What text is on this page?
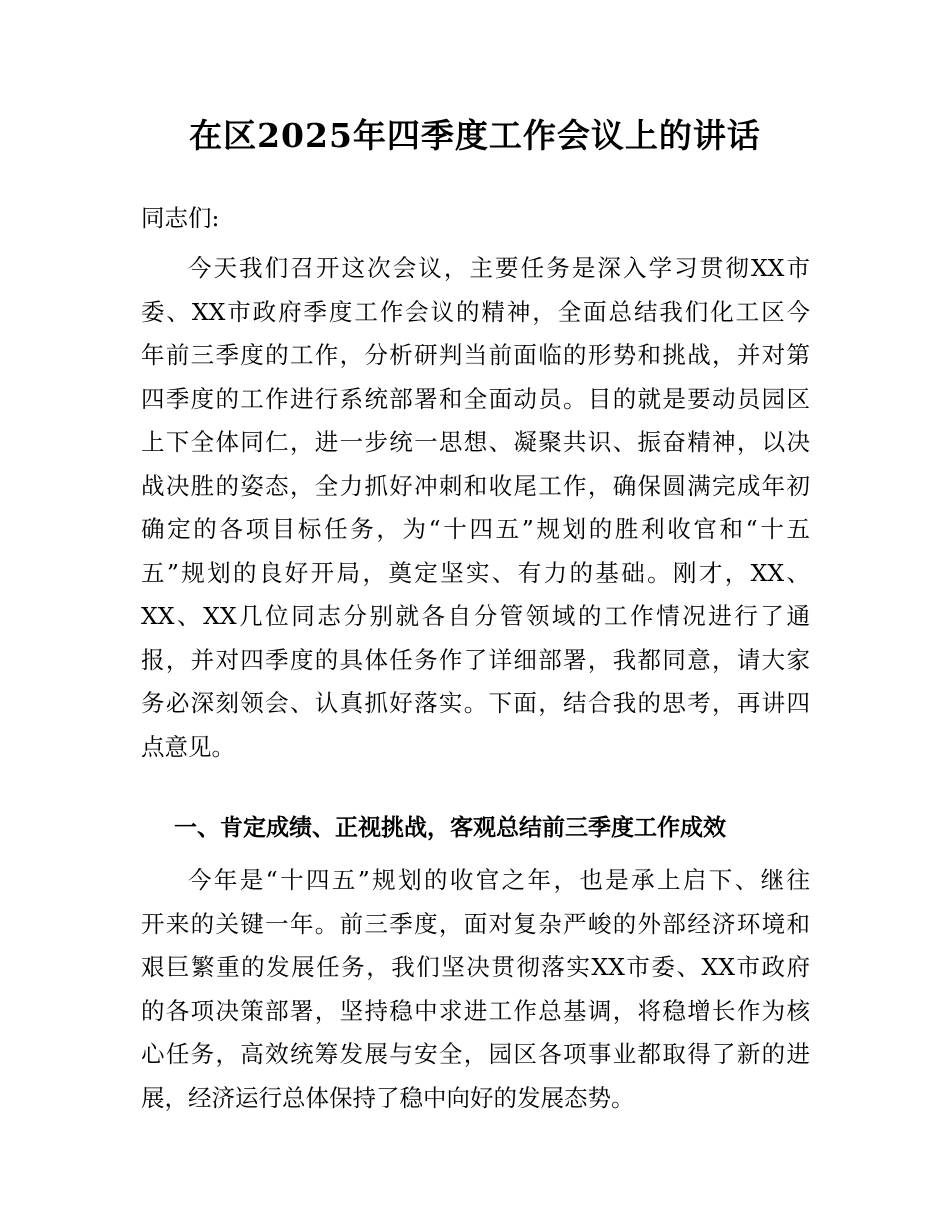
在区2025年四季度工作会议上的讲话
同志们:
今天我们召开这次会议，主要任务是深入学习贯彻XX市
委、XX市政府季度工作会议的精神，全面总结我们化工区今
年前三季度的工作，分析研判当前面临的形势和挑战，并对第
四季度的工作进行系统部署和全面动员。目的就是要动员园区
上下全体同仁，进一步统一思想、凝聚共识、振奋精神，以决
战决胜的姿态，全力抓好冲刺和收尾工作，确保圆满完成年初
确定的各项目标任务，为“十四五”规划的胜利收官和“十五
五”规划的良好开局，奠定坚实、有力的基础。刚才，XX、
XX、XX几位同志分别就各自分管领域的工作情况进行了通
报，并对四季度的具体任务作了详细部署，我都同意，请大家
务必深刻领会、认真抓好落实。下面，结合我的思考，再讲四
点意见。
一、肯定成绩、正视挑战，客观总结前三季度工作成效
今年是“十四五”规划的收官之年，也是承上启下、继往
开来的关键一年。前三季度，面对复杂严峻的外部经济环境和
艰巨繁重的发展任务，我们坚决贯彻落实XX市委、XX市政府
的各项决策部署，坚持稳中求进工作总基调，将稳增长作为核
心任务，高效统筹发展与安全，园区各项事业都取得了新的进
展，经济运行总体保持了稳中向好的发展态势。
